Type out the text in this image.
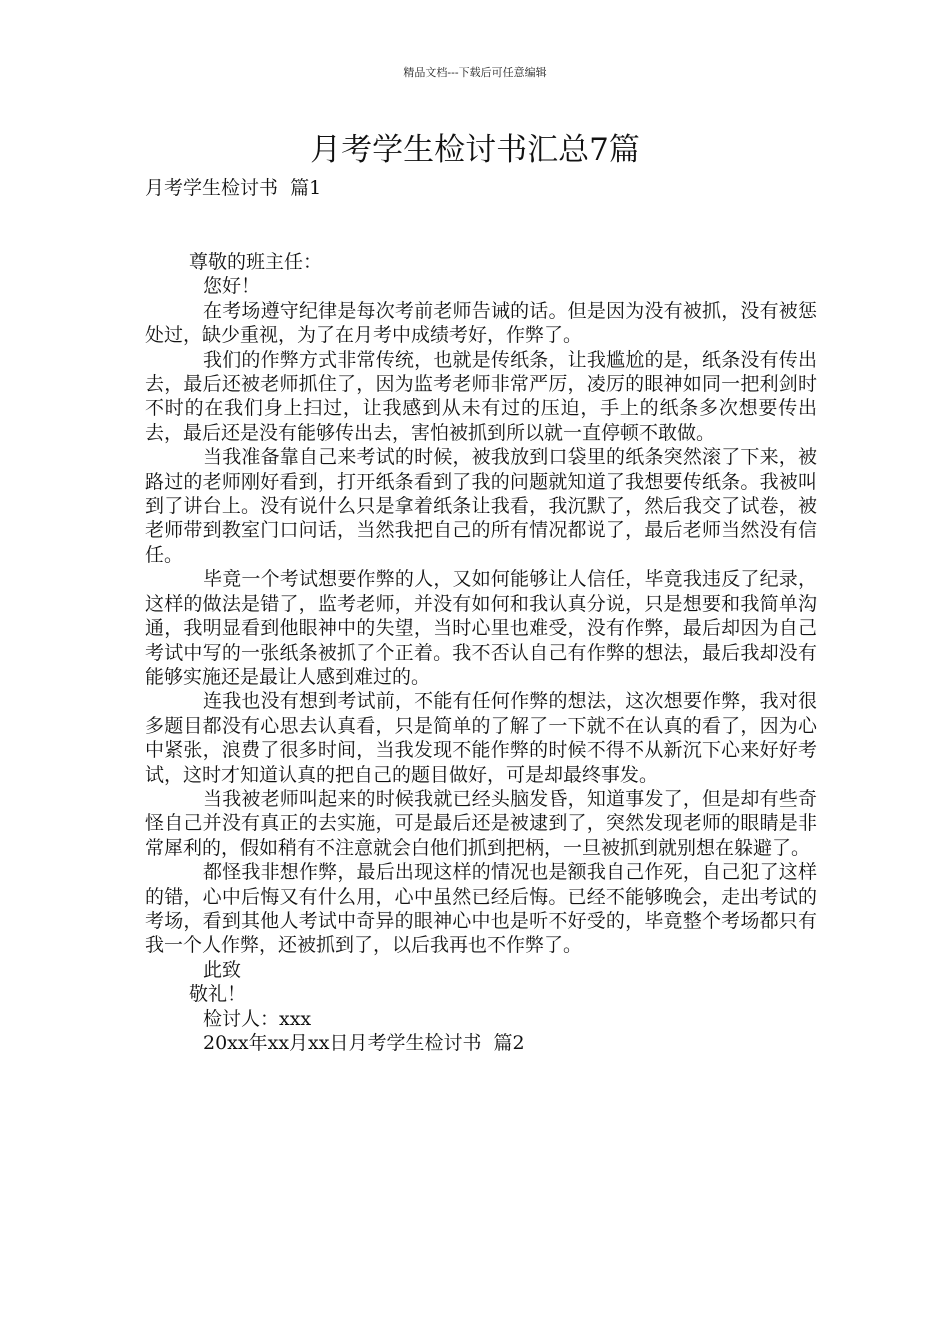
精品文档---下载后可任意编辑
月考学生检讨书汇总7篇
月考学生检讨书  篇1

尊敬的班主任：

您好！

在考场遵守纪律是每次考前老师告诫的话。但是因为没有被抓，没有被惩处过，缺少重视，为了在月考中成绩考好，作弊了。

我们的作弊方式非常传统，也就是传纸条，让我尴尬的是，纸条没有传出去，最后还被老师抓住了，因为监考老师非常严厉，凌厉的眼神如同一把利剑时不时的在我们身上扫过，让我感到从未有过的压迫，手上的纸条多次想要传出去，最后还是没有能够传出去，害怕被抓到所以就一直停顿不敢做。

当我准备靠自己来考试的时候，被我放到口袋里的纸条突然滚了下来，被路过的老师刚好看到，打开纸条看到了我的问题就知道了我想要传纸条。我被叫到了讲台上。没有说什么只是拿着纸条让我看，我沉默了，然后我交了试卷，被老师带到教室门口问话，当然我把自己的所有情况都说了，最后老师当然没有信任。

毕竟一个考试想要作弊的人，又如何能够让人信任，毕竟我违反了纪录，这样的做法是错了，监考老师，并没有如何和我认真分说，只是想要和我简单沟通，我明显看到他眼神中的失望，当时心里也难受，没有作弊，最后却因为自己考试中写的一张纸条被抓了个正着。我不否认自己有作弊的想法，最后我却没有能够实施还是最让人感到难过的。

连我也没有想到考试前，不能有任何作弊的想法，这次想要作弊，我对很多题目都没有心思去认真看，只是简单的了解了一下就不在认真的看了，因为心中紧张，浪费了很多时间，当我发现不能作弊的时候不得不从新沉下心来好好考试，这时才知道认真的把自己的题目做好，可是却最终事发。

当我被老师叫起来的时候我就已经头脑发昏，知道事发了，但是却有些奇怪自己并没有真正的去实施，可是最后还是被逮到了，突然发现老师的眼睛是非常犀利的，假如稍有不注意就会白他们抓到把柄，一旦被抓到就别想在躲避了。

都怪我非想作弊，最后出现这样的情况也是额我自己作死，自己犯了这样的错，心中后悔又有什么用，心中虽然已经后悔。已经不能够晚会，走出考试的考场，看到其他人考试中奇异的眼神心中也是听不好受的，毕竟整个考场都只有我一个人作弊，还被抓到了，以后我再也不作弊了。

此致

敬礼！

检讨人：xxx

20xx年xx月xx日月考学生检讨书  篇2
